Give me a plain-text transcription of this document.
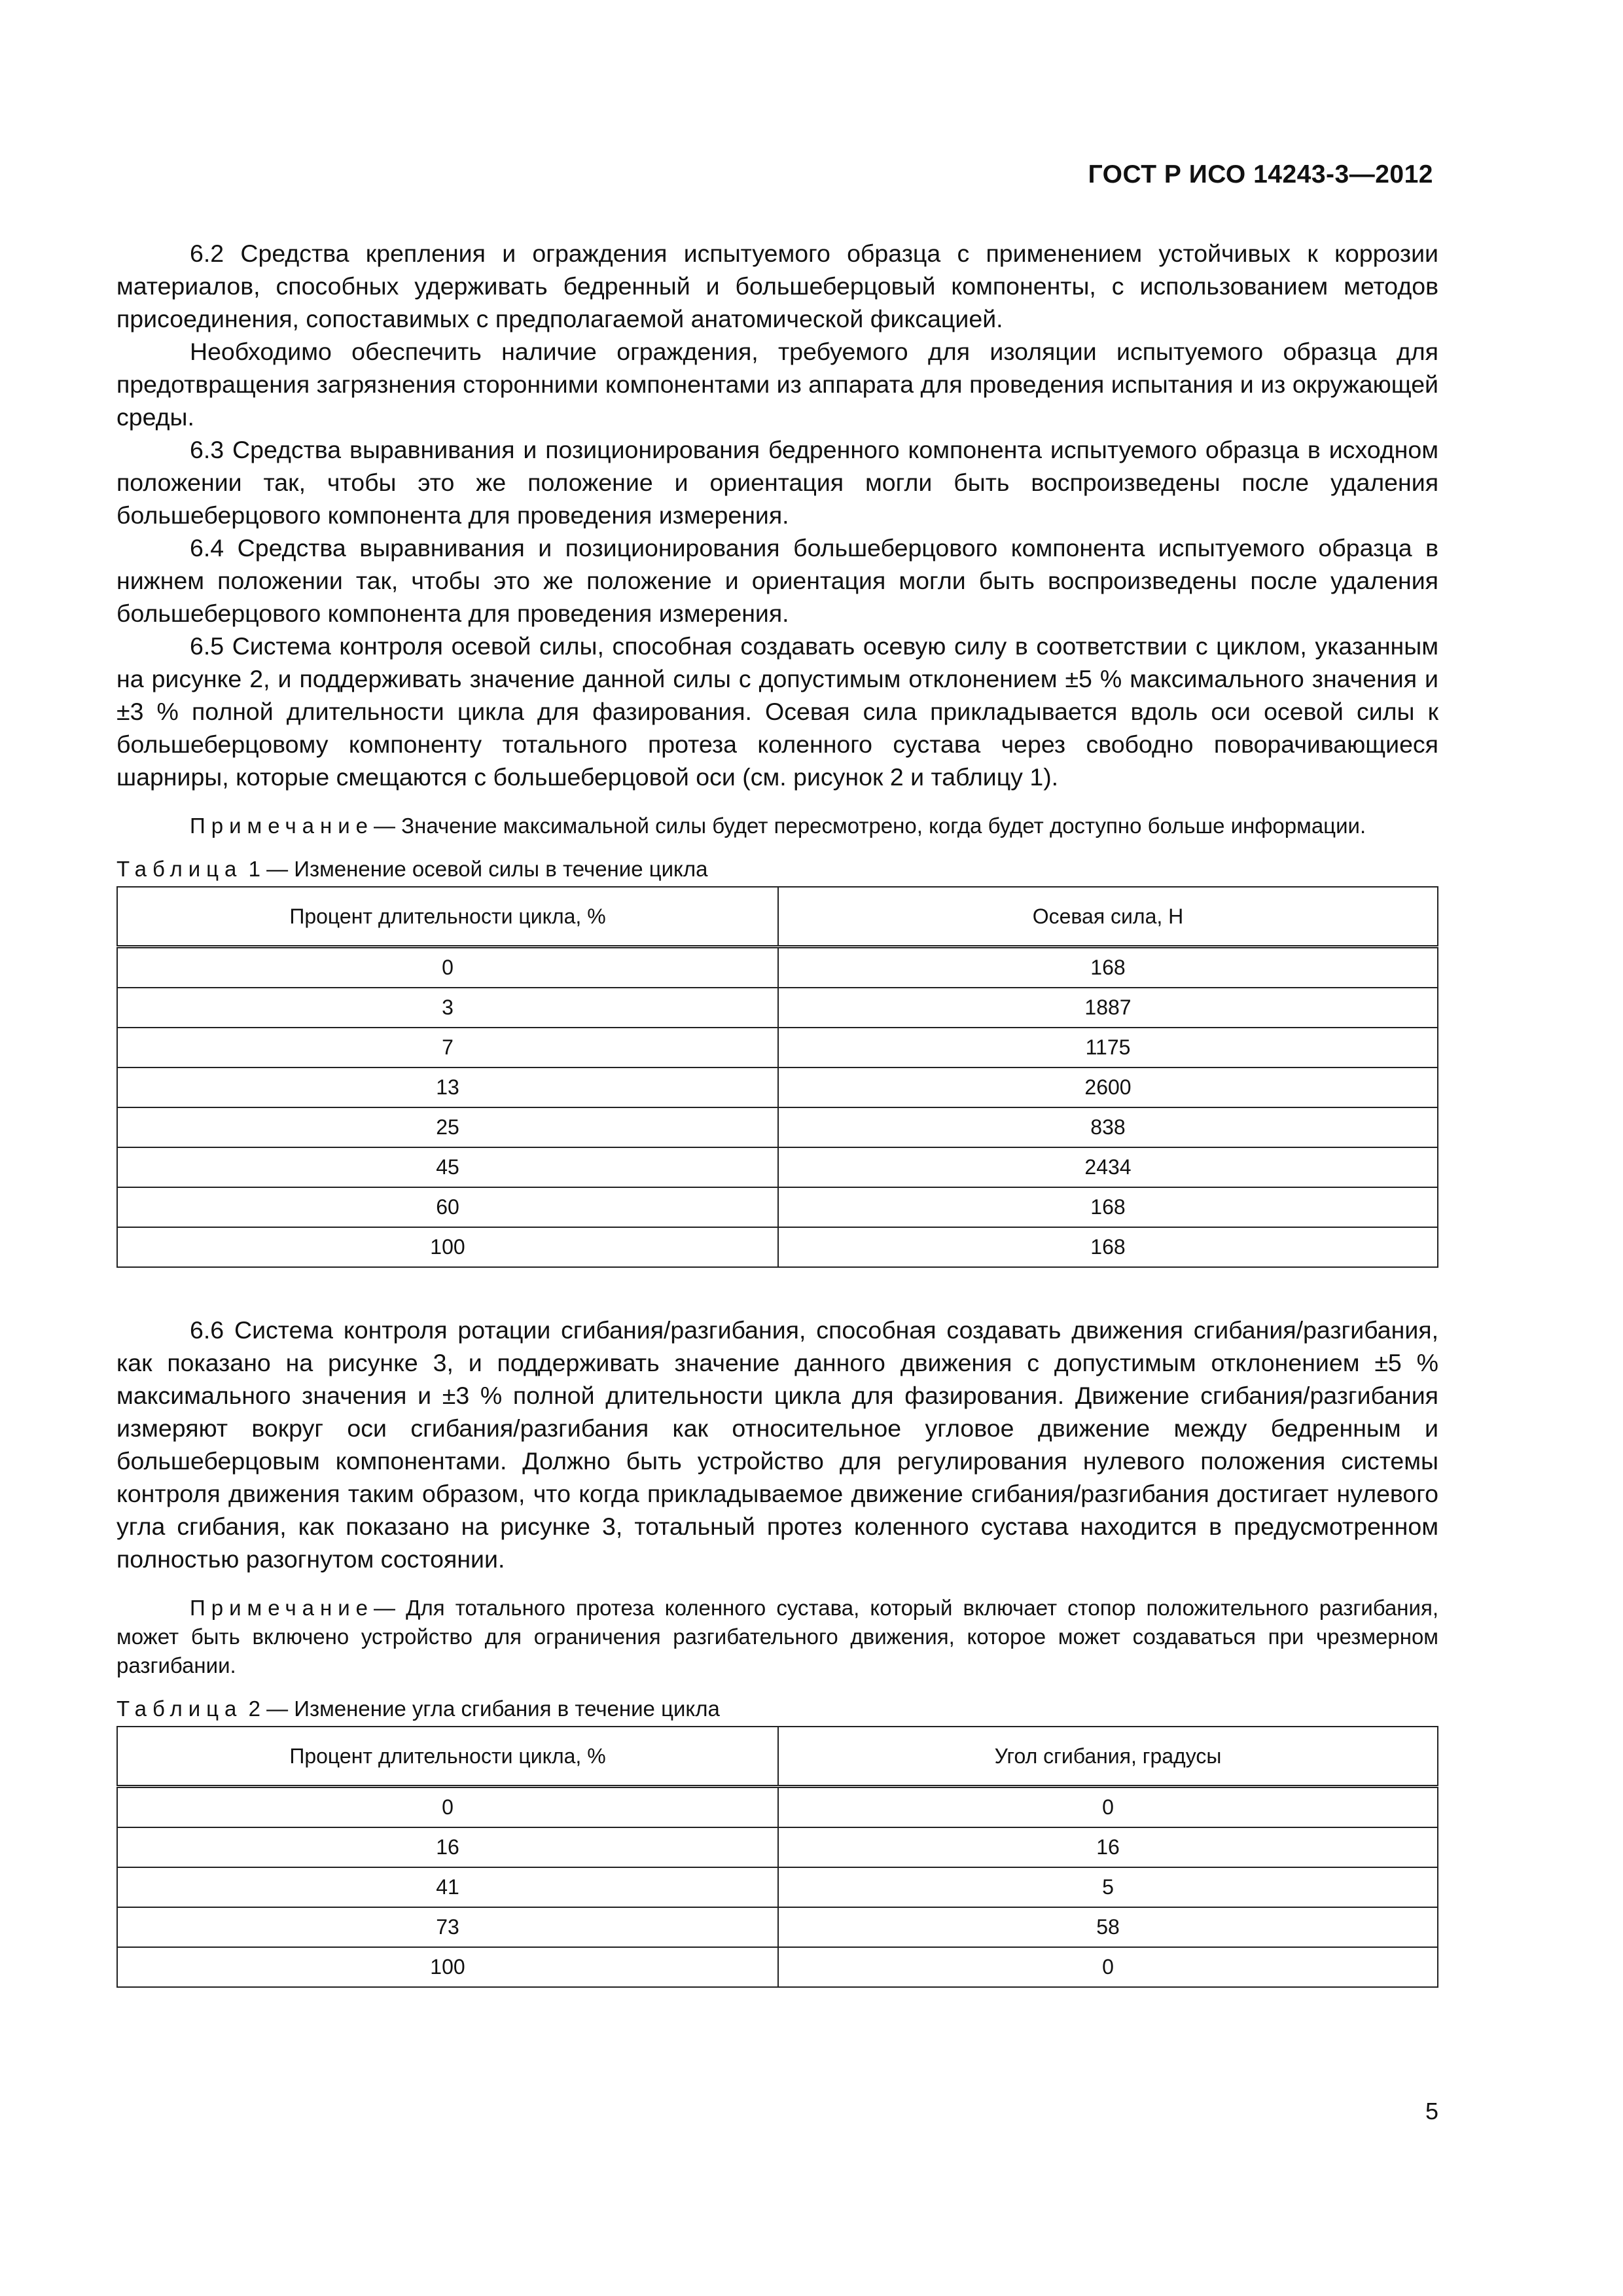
ГОСТ Р ИСО 14243-3—2012

6.2 Средства крепления и ограждения испытуемого образца с применением устойчивых к коррозии материалов, способных удерживать бедренный и большеберцовый компоненты, с использованием методов присоединения, сопоставимых с предполагаемой анатомической фиксацией.

Необходимо обеспечить наличие ограждения, требуемого для изоляции испытуемого образца для предотвращения загрязнения сторонними компонентами из аппарата для проведения испытания и из окружающей среды.

6.3 Средства выравнивания и позиционирования бедренного компонента испытуемого образца в исходном положении так, чтобы это же положение и ориентация могли быть воспроизведены после удаления большеберцового компонента для проведения измерения.

6.4 Средства выравнивания и позиционирования большеберцового компонента испытуемого образца в нижнем положении так, чтобы это же положение и ориентация могли быть воспроизведены после удаления большеберцового компонента для проведения измерения.

6.5 Система контроля осевой силы, способная создавать осевую силу в соответствии с циклом, указанным на рисунке 2, и поддерживать значение данной силы с допустимым отклонением ±5 % максимального значения и ±3 % полной длительности цикла для фазирования. Осевая сила прикладывается вдоль оси осевой силы к большеберцовому компоненту тотального протеза коленного сустава через свободно поворачивающиеся шарниры, которые смещаются с большеберцовой оси (см. рисунок 2 и таблицу 1).

Примечание— Значение максимальной силы будет пересмотрено, когда будет доступно больше информации.

Таблица 1 — Изменение осевой силы в течение цикла
Процент длительности цикла, %	Осевая сила, Н
0	168
3	1887
7	1175
13	2600
25	838
45	2434
60	168
100	168

6.6 Система контроля ротации сгибания/разгибания, способная создавать движения сгибания/разгибания, как показано на рисунке 3, и поддерживать значение данного движения с допустимым отклонением ±5 % максимального значения и ±3 % полной длительности цикла для фазирования. Движение сгибания/разгибания измеряют вокруг оси сгибания/разгибания как относительное угловое движение между бедренным и большеберцовым компонентами. Должно быть устройство для регулирования нулевого положения системы контроля движения таким образом, что когда прикладываемое движение сгибания/разгибания достигает нулевого угла сгибания, как показано на рисунке 3, тотальный протез коленного сустава находится в предусмотренном полностью разогнутом состоянии.

Примечание— Для тотального протеза коленного сустава, который включает стопор положительного разгибания, может быть включено устройство для ограничения разгибательного движения, которое может создаваться при чрезмерном разгибании.

Таблица 2 — Изменение угла сгибания в течение цикла
Процент длительности цикла, %	Угол сгибания, градусы
0	0
16	16
41	5
73	58
100	0
5
